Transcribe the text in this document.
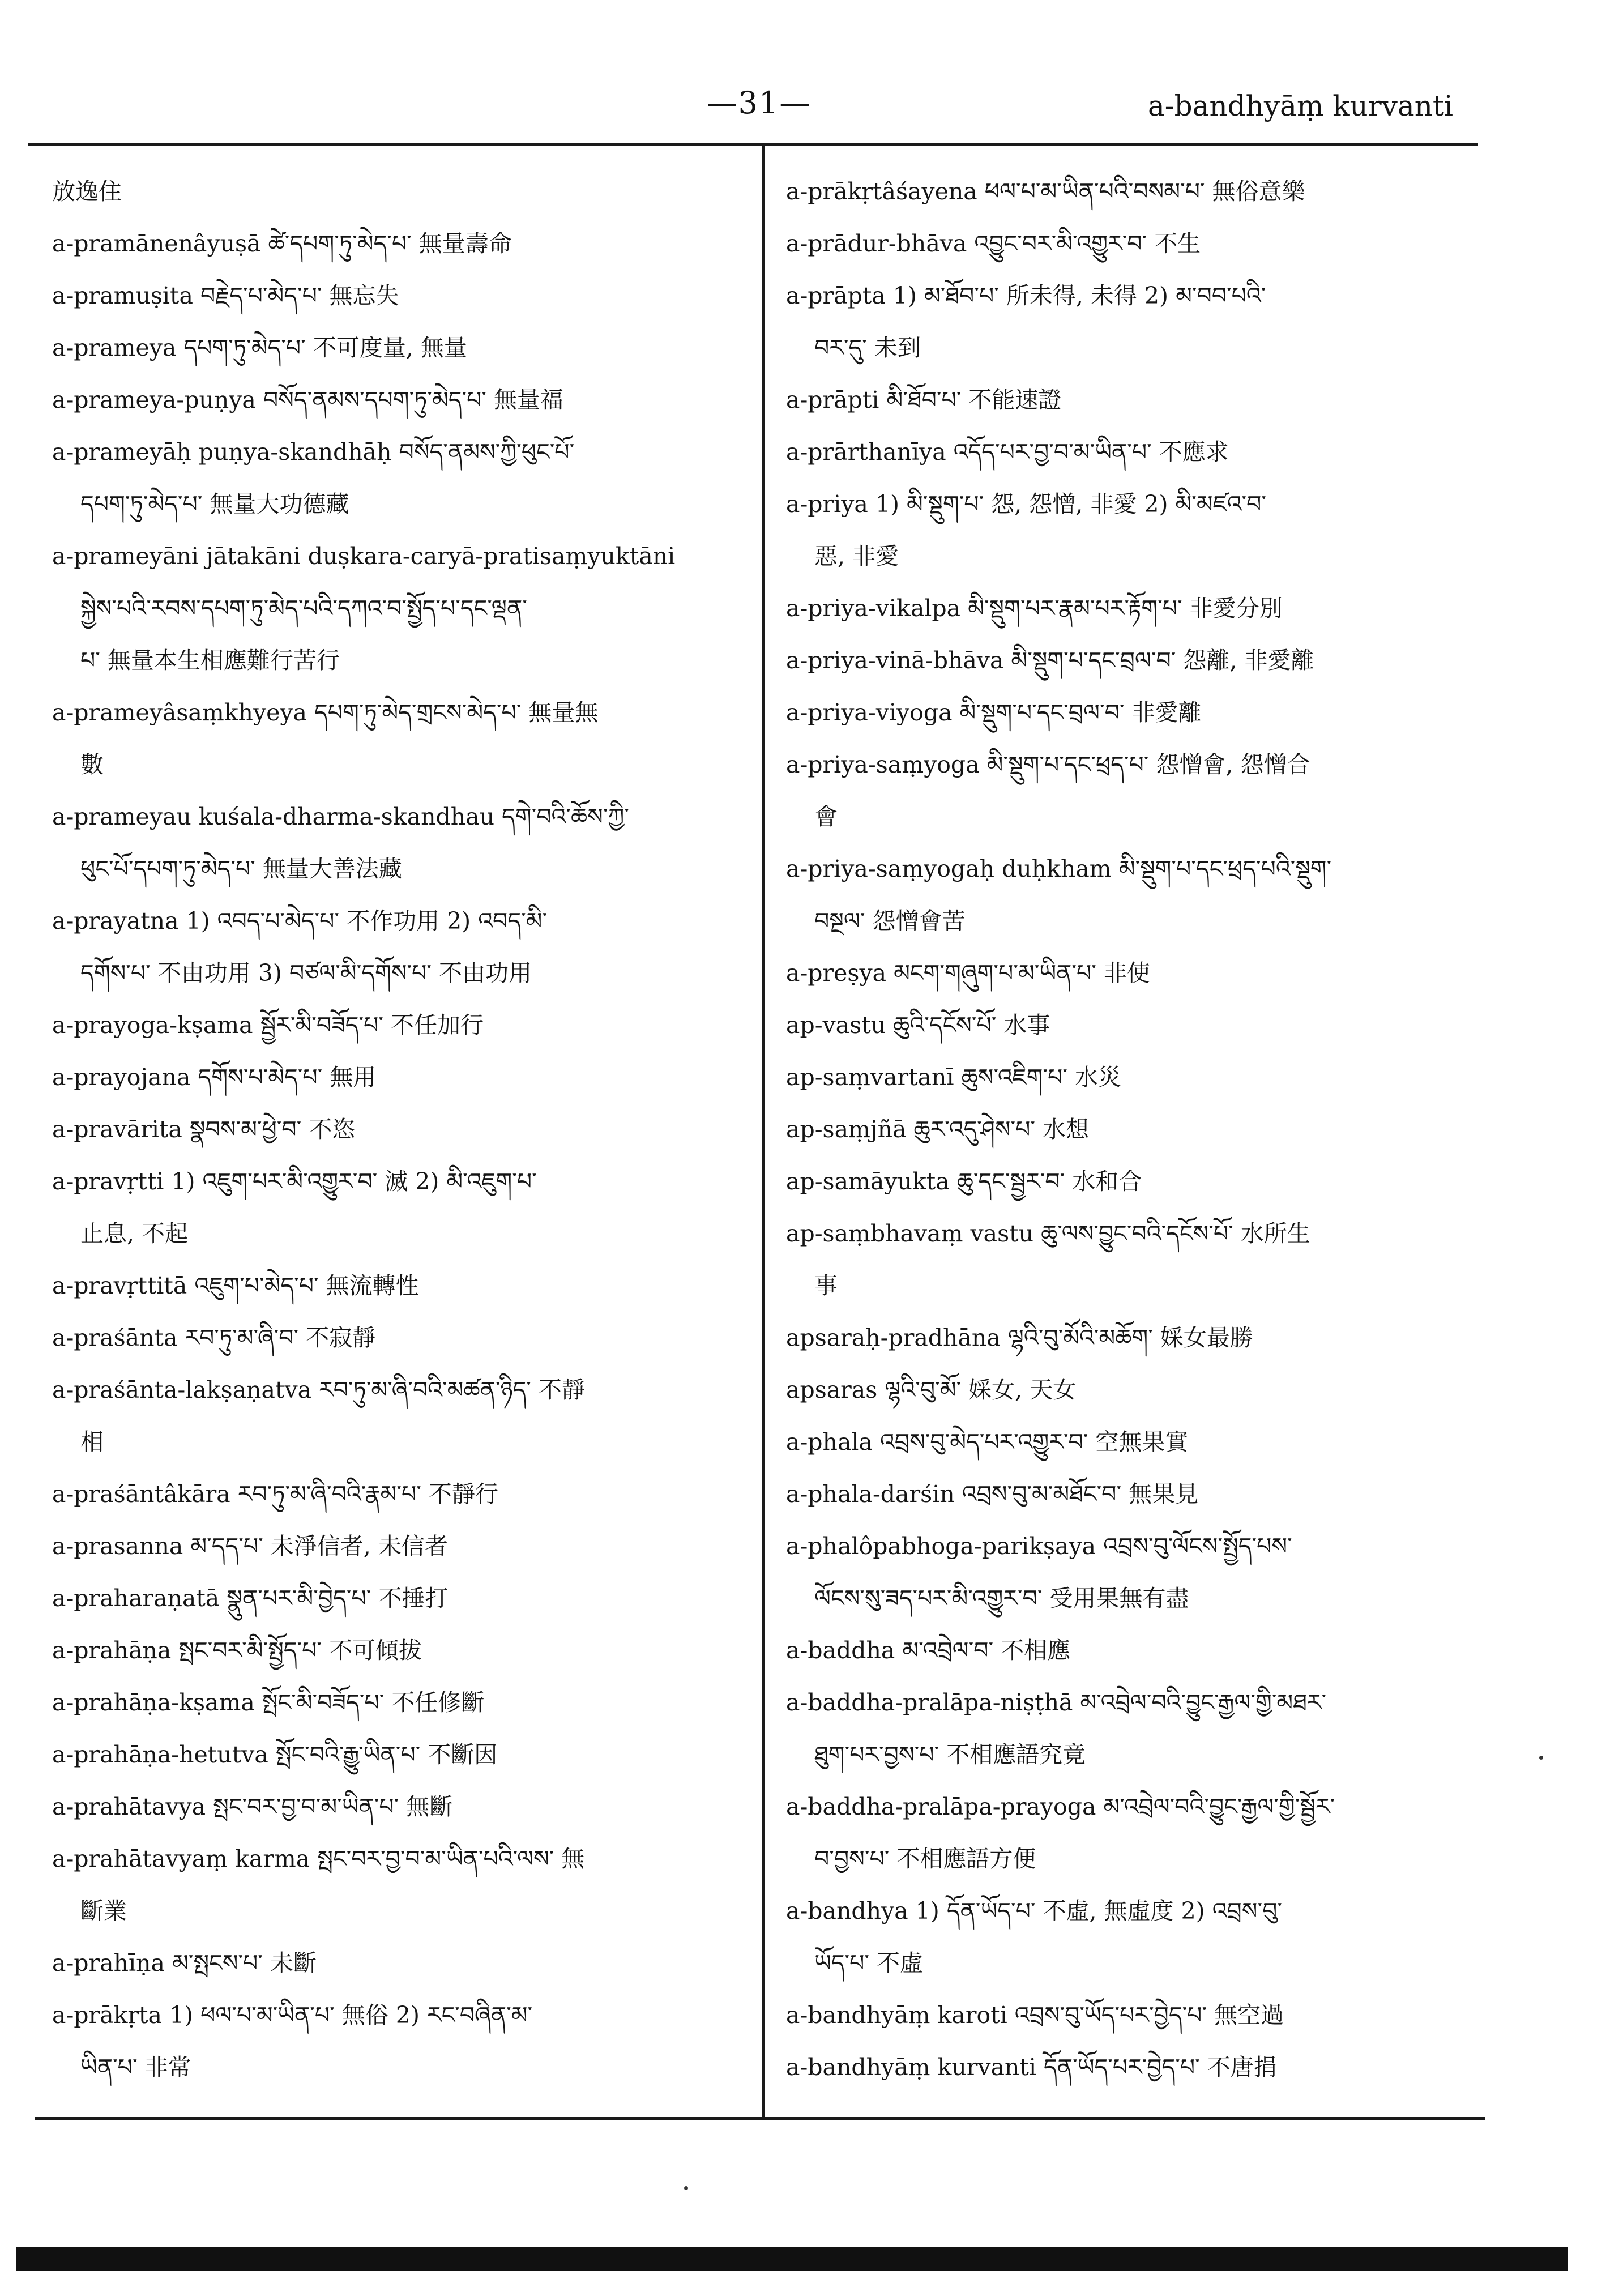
—31—	a-bandhyāṃ kurvanti
放逸住
a-pramānenâyuṣā ཚེ་དཔག་ཏུ་མེད་པ་ 無量壽命
a-pramuṣita བརྗེད་པ་མེད་པ་ 無忘失
a-prameya དཔག་ཏུ་མེད་པ་ 不可度量, 無量
a-prameya-puṇya བསོད་ནམས་དཔག་ཏུ་མེད་པ་ 無量福
a-prameyāḥ puṇya-skandhāḥ བསོད་ནམས་ཀྱི་ཕུང་པོ་
དཔག་ཏུ་མེད་པ་ 無量大功德藏
a-prameyāni jātakāni duṣkara-caryā-pratisaṃyuktāni
སྐྱེས་པའི་རབས་དཔག་ཏུ་མེད་པའི་དཀའ་བ་སྤྱོད་པ་དང་ལྡན་
པ་ 無量本生相應難行苦行
a-prameyâsaṃkhyeya དཔག་ཏུ་མེད་གྲངས་མེད་པ་ 無量無
數
a-prameyau kuśala-dharma-skandhau དགེ་བའི་ཆོས་ཀྱི་
ཕུང་པོ་དཔག་ཏུ་མེད་པ་ 無量大善法藏
a-prayatna 1) འབད་པ་མེད་པ་ 不作功用 2) འབད་མི་
དགོས་པ་ 不由功用 3) བཙལ་མི་དགོས་པ་ 不由功用
a-prayoga-kṣama སྦྱོར་མི་བཟོད་པ་ 不任加行
a-prayojana དགོས་པ་མེད་པ་ 無用
a-pravārita སྣབས་མ་ཕྱེ་བ་ 不恣
a-pravṛtti 1) འཇུག་པར་མི་འགྱུར་བ་ 滅 2) མི་འཇུག་པ་
止息, 不起
a-pravṛttitā འཇུག་པ་མེད་པ་ 無流轉性
a-praśānta རབ་ཏུ་མ་ཞི་བ་ 不寂靜
a-praśānta-lakṣaṇatva རབ་ཏུ་མ་ཞི་བའི་མཚན་ཉིད་ 不靜
相
a-praśāntâkāra རབ་ཏུ་མ་ཞི་བའི་རྣམ་པ་ 不靜行
a-prasanna མ་དད་པ་ 未淨信者, 未信者
a-praharaṇatā སྣུན་པར་མི་བྱེད་པ་ 不捶打
a-prahāṇa སྤང་བར་མི་སྤྱོད་པ་ 不可傾拔
a-prahāṇa-kṣama སྤོང་མི་བཟོད་པ་ 不任修斷
a-prahāṇa-hetutva སྤོང་བའི་རྒྱུ་ཡིན་པ་ 不斷因
a-prahātavya སྤང་བར་བྱ་བ་མ་ཡིན་པ་ 無斷
a-prahātavyaṃ karma སྤང་བར་བྱ་བ་མ་ཡིན་པའི་ལས་ 無
斷業
a-prahīṇa མ་སྤངས་པ་ 未斷
a-prākṛta 1) ཕལ་པ་མ་ཡིན་པ་ 無俗 2) རང་བཞིན་མ་
ཡིན་པ་ 非常
a-prākṛtâśayena ཕལ་པ་མ་ཡིན་པའི་བསམ་པ་ 無俗意樂
a-prādur-bhāva འབྱུང་བར་མི་འགྱུར་བ་ 不生
a-prāpta 1) མ་ཐོབ་པ་ 所未得, 未得 2) མ་བབ་པའི་
བར་དུ་ 未到
a-prāpti མི་ཐོབ་པ་ 不能速證
a-prārthanīya འདོད་པར་བྱ་བ་མ་ཡིན་པ་ 不應求
a-priya 1) མི་སྡུག་པ་ 怨, 怨憎, 非愛 2) མི་མཛའ་བ་
惡, 非愛
a-priya-vikalpa མི་སྡུག་པར་རྣམ་པར་རྟོག་པ་ 非愛分別
a-priya-vinā-bhāva མི་སྡུག་པ་དང་བྲལ་བ་ 怨離, 非愛離
a-priya-viyoga མི་སྡུག་པ་དང་བྲལ་བ་ 非愛離
a-priya-saṃyoga མི་སྡུག་པ་དང་ཕྲད་པ་ 怨憎會, 怨憎合
會
a-priya-saṃyogaḥ duḥkham མི་སྡུག་པ་དང་ཕྲད་པའི་སྡུག་
བསྔལ་ 怨憎會苦
a-preṣya མངག་གཞུག་པ་མ་ཡིན་པ་ 非使
ap-vastu ཆུའི་དངོས་པོ་ 水事
ap-saṃvartanī ཆུས་འཇིག་པ་ 水災
ap-saṃjñā ཆུར་འདུ་ཤེས་པ་ 水想
ap-samāyukta ཆུ་དང་སྦྱར་བ་ 水和合
ap-saṃbhavaṃ vastu ཆུ་ལས་བྱུང་བའི་དངོས་པོ་ 水所生
事
apsaraḥ-pradhāna ལྷའི་བུ་མོའི་མཆོག་ 婇女最勝
apsaras ལྷའི་བུ་མོ་ 婇女, 天女
a-phala འབྲས་བུ་མེད་པར་འགྱུར་བ་ 空無果實
a-phala-darśin འབྲས་བུ་མ་མཐོང་བ་ 無果見
a-phalôpabhoga-parikṣaya འབྲས་བུ་ལོངས་སྤྱོད་པས་
ལོངས་སུ་ཟད་པར་མི་འགྱུར་བ་ 受用果無有盡
a-baddha མ་འབྲེལ་བ་ 不相應
a-baddha-pralāpa-niṣṭhā མ་འབྲེལ་བའི་བྱུང་རྒྱལ་གྱི་མཐར་
ཐུག་པར་བྱས་པ་ 不相應語究竟
a-baddha-pralāpa-prayoga མ་འབྲེལ་བའི་བྱུང་རྒྱལ་གྱི་སྦྱོར་
བ་བྱས་པ་ 不相應語方便
a-bandhya 1) དོན་ཡོད་པ་ 不虛, 無虛度 2) འབྲས་བུ་
ཡོད་པ་ 不虛
a-bandhyāṃ karoti འབྲས་བུ་ཡོད་པར་བྱེད་པ་ 無空過
a-bandhyāṃ kurvanti དོན་ཡོད་པར་བྱེད་པ་ 不唐捐
